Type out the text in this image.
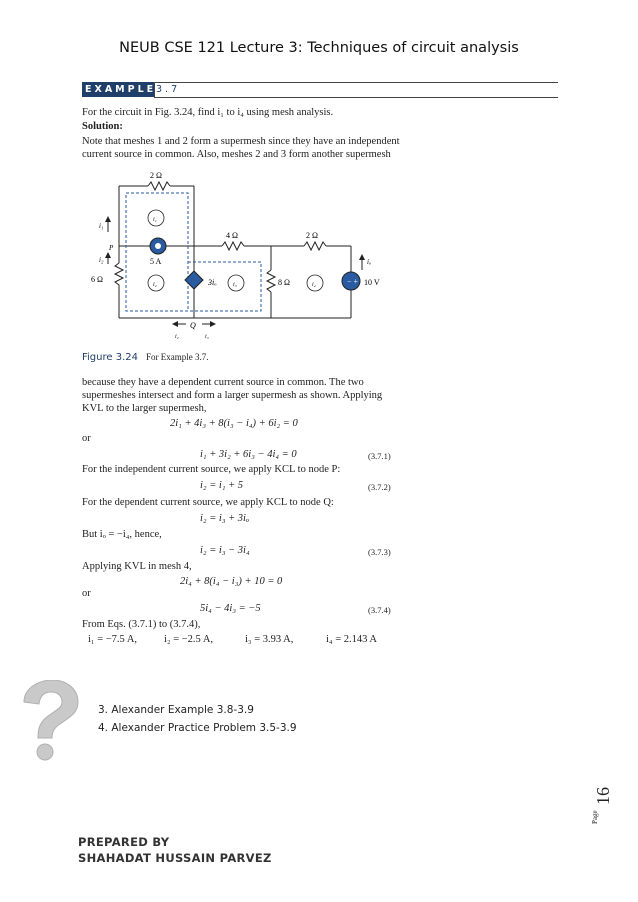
NEUB CSE 121 Lecture 3: Techniques of circuit analysis
EXAMPLE 3.7
For the circuit in Fig. 3.24, find i₁ to i₄ using mesh analysis.
Solution:
Note that meshes 1 and 2 form a supermesh since they have an independent
current source in common. Also, meshes 2 and 3 form another supermesh
− +
2 Ω
4 Ω	2 Ω
6 Ω	8 Ω
5 A
3iₒ	10 V
P
Q
i₁
i₂
i₁
i₂	i₃	i₄
iₒ
i₂	i₃
Figure 3.24 For Example 3.7.
because they have a dependent current source in common. The two
supermeshes intersect and form a larger supermesh as shown. Applying
KVL to the larger supermesh,
2i₁ + 4i₃ + 8(i₃ − i₄) + 6i₂ = 0
or
i₁ + 3i₂ + 6i₃ − 4i₄ = 0	(3.7.1)
For the independent current source, we apply KCL to node P:
i₂ = i₁ + 5	(3.7.2)
For the dependent current source, we apply KCL to node Q:
i₂ = i₃ + 3iₒ
But iₒ = −i₄, hence,
i₂ = i₃ − 3i₄	(3.7.3)
Applying KVL in mesh 4,
2i₄ + 8(i₄ − i₃) + 10 = 0
or
5i₄ − 4i₃ = −5	(3.7.4)
From Eqs. (3.7.1) to (3.7.4),
i₁ = −7.5 A,	i₂ = −2.5 A,	i₃ = 3.93 A,	i₄ = 2.143 A
3. Alexander Example 3.8-3.9
4. Alexander Practice Problem 3.5-3.9
Page
16
PREPARED BY
SHAHADAT HUSSAIN PARVEZ
